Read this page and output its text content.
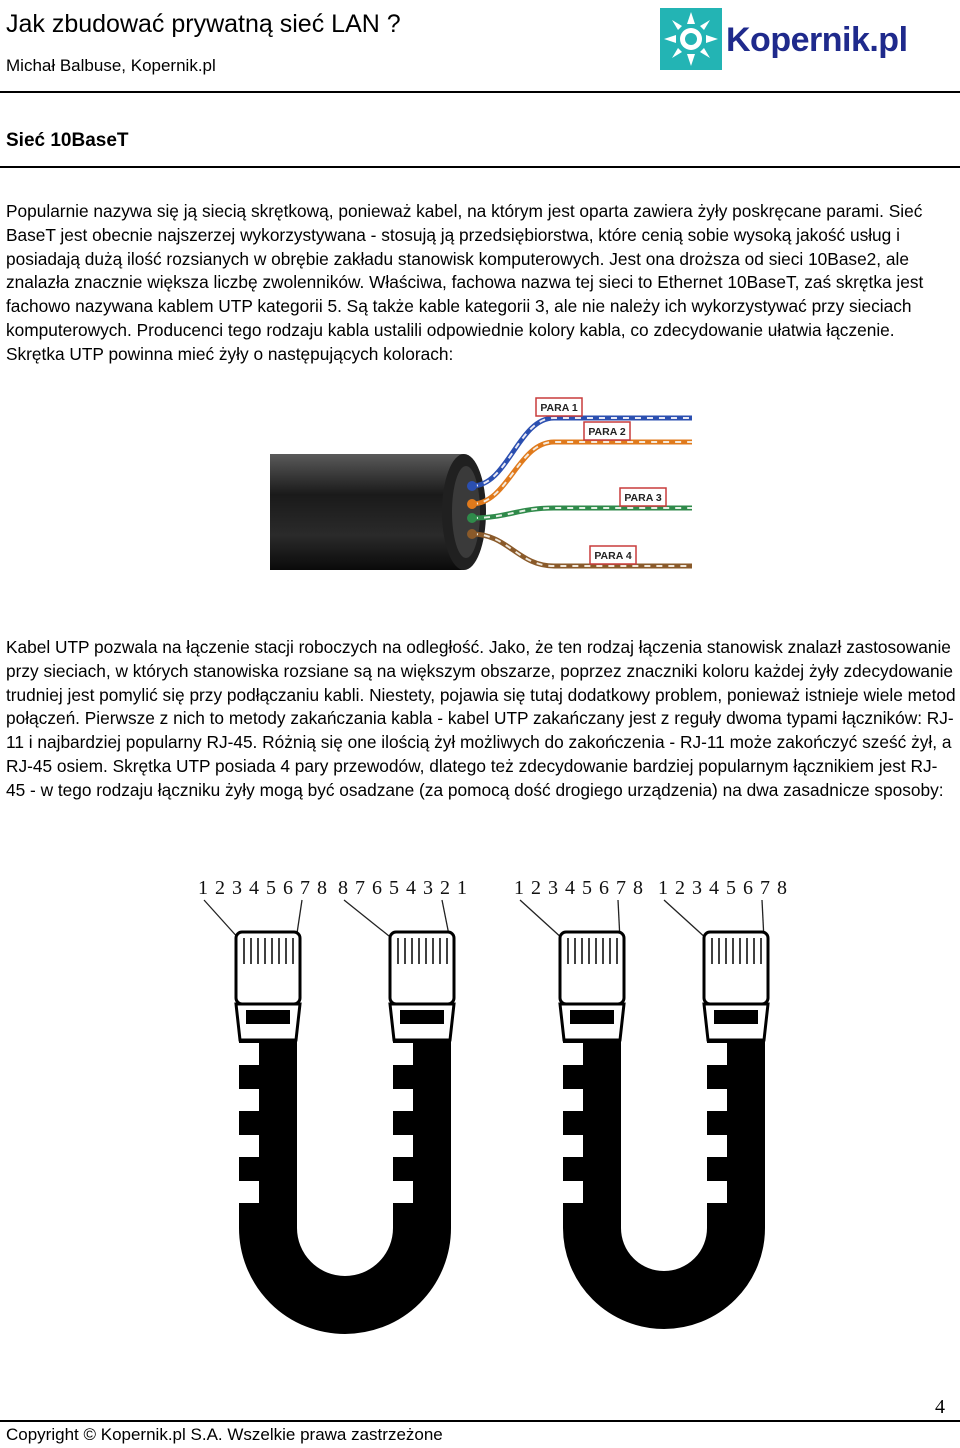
Jak zbudować prywatną sieć LAN ?
Michał Balbuse, Kopernik.pl
Kopernik.pl
Sieć 10BaseT
Popularnie nazywa się ją siecią skrętkową, ponieważ kabel, na którym jest oparta zawiera żyły poskręcane parami. Sieć BaseT jest obecnie najszerzej wykorzystywana - stosują ją przedsiębiorstwa, które cenią sobie wysoką jakość usług i posiadają dużą ilość rozsianych w obrębie zakładu stanowisk komputerowych. Jest ona droższa od sieci 10Base2, ale znalazła znacznie większa liczbę zwolenników. Właściwa, fachowa nazwa tej sieci to Ethernet 10BaseT, zaś skrętka jest fachowo nazywana kablem UTP kategorii 5. Są także kable kategorii 3, ale nie należy ich wykorzystywać przy sieciach komputerowych. Producenci tego rodzaju kabla ustalili odpowiednie kolory kabla, co zdecydowanie ułatwia łączenie. Skrętka UTP powinna mieć żyły o następujących kolorach:
PARA 1
PARA 2
PARA 3
PARA 4
Kabel UTP pozwala na łączenie stacji roboczych na odległość. Jako, że ten rodzaj łączenia stanowisk znalazł zastosowanie przy sieciach, w których stanowiska rozsiane są na większym obszarze, poprzez znaczniki koloru każdej żyły zdecydowanie trudniej jest pomylić się przy podłączaniu kabli. Niestety, pojawia się tutaj dodatkowy problem, ponieważ istnieje wiele metod połączeń. Pierwsze z nich to metody zakańczania kabla - kabel UTP zakańczany jest z reguły dwoma typami łączników: RJ-11 i najbardziej popularny RJ-45. Różnią się one ilością żył możliwych do zakończenia - RJ-11 może zakończyć sześć żył, a RJ-45 osiem. Skrętka UTP posiada 4 pary przewodów, dlatego też zdecydowanie bardziej popularnym łącznikiem jest RJ-45 - w tego rodzaju łączniku żyły mogą być osadzane (za pomocą dość drogiego urządzenia) na dwa zasadnicze sposoby:
1 2 3 4 5 6 7 8 8 7 6 5 4 3 2 1 1 2 3 4 5 6 7 8 1 2 3 4 5 6 7 8
4
Copyright © Kopernik.pl S.A. Wszelkie prawa zastrzeżone
